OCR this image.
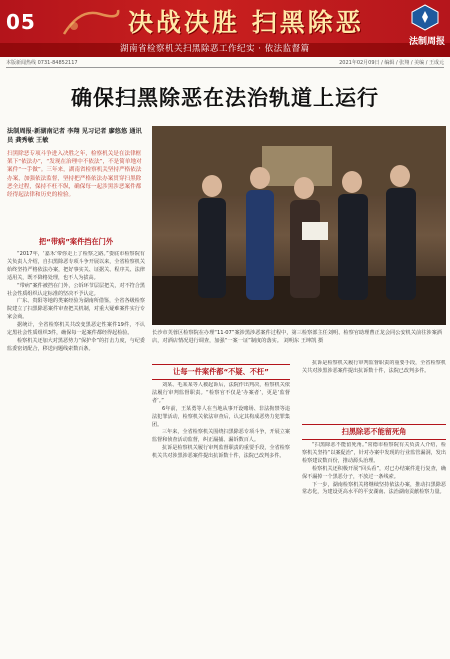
05	决战决胜 扫黑除恶
湖南省检察机关扫黑除恶工作纪实 · 依法监督篇
法制周报
本版新闻热线 0731-84852117	2021年02月09日 / 编辑 / 张翔 / 美编 / 王成元
确保扫黑除恶在法治轨道上运行
法制周报·新湖南记者 李翔 见习记者 廖悠悠 通讯员 龚秀敏 王敏
扫黑除恶专项斗争进入决胜之年，检察机关是在法律框架下“依法办”，“发现在治理中不依法”，不是简单地对案件“一手做”。三年来，湖南省检察机关坚持严格依法办案，加强依法监督，坚持把严格依法办案贯穿扫黑除恶全过程，保持不枉不纵，确保每一起涉黑涉恶案件都经得起法律和历史的检验。
把“带病”案件挡在门外

“2017年，‘嘉禾’带你走上了检察之路。”娄底市检察院有关负责人介绍，自扫黑除恶专项斗争开展以来，全省检察机关始终坚持严格依法办案，把好事实关、证据关、程序关、法律适用关，既不降格处理，也不人为拔高。

“带病”案件被挡在门外，公诉环节层层把关，对不符合黑社会性质组织认定标准的坚决不予认定。

广东、贵阳等地的类案经验为湖南所借鉴，全省各级检察院建立了扫黑除恶案件审查把关机制，对重大疑难案件实行专家会商。

据统计，全省检察机关共改变黑恶定性案件19件，不认定黑社会性质组织3件，确保每一起案件都经得起检验。

检察机关还加大对黑恶势力“保护伞”的打击力度，与纪委监委密切配合，移送问题线索数百条。

长沙市芙蓉区检察院在办理“11·07”案涉黑涉恶案件过程中，第三检察部主任刘明、检察官助理曹正龙会同公安机关前往涉案酒店，对酒店情况进行调查，加强“一案一证”制度的落实。 刘明东 王坤凯 摄
让每一件案件都“不疑、不枉”

刘某、毛某某等人被起诉后，法院作出判决，检察机关依法履行审判监督职责。“检察官不仅是‘办案者’，更是‘监督者’。”

6年前，王某勇等人在当地从事开设赌场、非法拘禁等违法犯罪活动，检察机关依法审查后，认定其构成恶势力犯罪集团。

三年来，全省检察机关围绕扫黑除恶专项斗争，开展立案监督和侦查活动监督，纠正漏捕、漏诉数百人。

抗诉是检察机关履行审判监督职责的重要手段，全省检察机关共对涉黑涉恶案件提出抗诉数十件，法院已改判多件。

抗诉是检察机关履行审判监督职责的重要手段，全省检察机关共对涉黑涉恶案件提出抗诉数十件，法院已改判多件。

扫黑除恶不能留死角

“扫黑除恶不能留死角。”常德市检察院有关负责人介绍，检察机关坚持“以案促治”，针对办案中发现的行业监管漏洞，发出检察建议数百份，推动源头治理。

检察机关还积极开展“回头看”，对已办结案件进行复查，确保不漏掉一个黑恶分子，不放过一条线索。

下一步，湖南检察机关将继续坚持依法办案，推动扫黑除恶常态化，为建设更高水平的平安湖南、法治湖南贡献检察力量。
